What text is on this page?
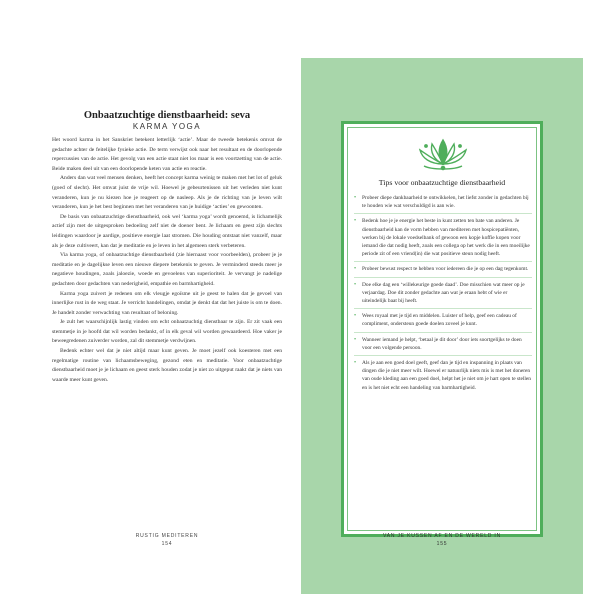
Onbaatzuchtige dienstbaarheid: seva
KARMA YOGA

Het woord karma in het Sanskriet betekent letterlijk ‘actie’. Maar de tweede betekenis omvat de gedachte achter de feitelijke fysieke actie. De term verwijst ook naar het resultaat en de doorlopende repercussies van de actie. Het gevolg van een actie staat niet los maar is een voortzetting van de actie. Beide maken deel uit van een doorlopende keten van actie en reactie.

Anders dan wat veel mensen denken, heeft het concept karma weinig te maken met het lot of geluk (goed of slecht). Het omvat juist de vrije wil. Hoewel je gebeurtenissen uit het verleden niet kunt veranderen, kun je nu kiezen hoe je reageert op de nasleep. Als je de richting van je leven wilt veranderen, kun je het best beginnen met het veranderen van je huidige ‘acties’ en gewoonten.

De basis van onbaatzuchtige dienstbaarheid, ook wel ‘karma yoga’ wordt genoemd, is lichamelijk actief zijn met de uitgesproken bedoeling zelf niet de doener bent. Je lichaam en geest zijn slechts leidingen waardoor je aardige, positieve energie laat stromen. Die houding ontstaat niet vanzelf, maar als je deze cultiveert, kan dat je meditatie en je leven in het algemeen sterk verbeteren.

Via karma yoga, of onbaatzuchtige dienstbaarheid (zie hiernaast voor voorbeelden), probeer je je meditatie en je dagelijkse leven een nieuwe diepere betekenis te geven. Je verminderd steeds meer je negatieve houdingen, zoals jaloezie, woede en gevoelens van superioriteit. Je vervangt je nadelige gedachten door gedachten van nederigheid, empathie en barmhartigheid.

Karma yoga zuivert je redenen om elk vleugje egoïsme uit je geest te halen dat je gevoel van innerlijke rust in de weg staat. Je verricht handelingen, omdat je denkt dat dat het juiste is om te doen. Je handelt zonder verwachting van resultaat of beloning.

Je zult het waarschijnlijk lastig vinden om echt onbaatzuchtig dienstbaar te zijn. Er zit vaak een stemmetje in je hoofd dat wil worden bedankt, of in elk geval wil worden gewaardeerd. Hoe vaker je beweegredenen zuiverder worden, zal dit stemmetje verdwijnen.

Bedenk echter wel dat je niet altijd maar kunt geven. Je moet jezelf ook koesteren met een regelmatige routine van lichaamsbeweging, gezond eten en meditatie. Voor onbaatzuchtige dienstbaarheid moet je je lichaam en geest sterk houden zodat je niet zo uitgeput raakt dat je niets van waarde meer kunt geven.

RUSTIG MEDITEREN
154
Tips voor onbaatzuchtige dienstbaarheid
• Probeer diepe dankbaarheid te ontwikkelen, het liefst zonder in gedachten bij te houden wie wat verschuldigd is aan wie.
• Bedenk hoe je je energie het beste in kunt zetten ten bate van anderen. Je dienstbaarheid kan de vorm hebben van mediteren met hospicepatiënten, werken bij de lokale voedselbank of gewoon een kopje koffie kopen voor iemand die dat nodig heeft, zoals een collega op het werk die in een moeilijke periode zit of een vriend(in) die wat positieve steun nodig heeft.
• Probeer bewust respect te hebben voor iedereen die je op een dag tegenkomt.
• Doe elke dag een ‘willekeurige goede daad’. Doe misschien wat meer op je verjaardag. Doe dit zonder gedachte aan wat je eraan hebt of wie er uiteindelijk baat bij heeft.
• Wees royaal met je tijd en middelen. Luister of help, geef een cadeau of compliment, ondersteun goede doelen zoveel je kunt.
• Wanneer iemand je helpt, ‘betaal je dit door’ door iets soortgelijks te doen voor een volgende persoon.
• Als je aan een goed doel geeft, geef dan je tijd en inspanning in plaats van dingen die je niet meer wilt. Hoewel er natuurlijk niets mis is met het doneren van oude kleding aan een goed doel, helpt het je niet om je hart open te stellen en is het niet echt een handeling van barmhartigheid.
VAN JE KUSSEN AF EN DE WERELD IN
155
